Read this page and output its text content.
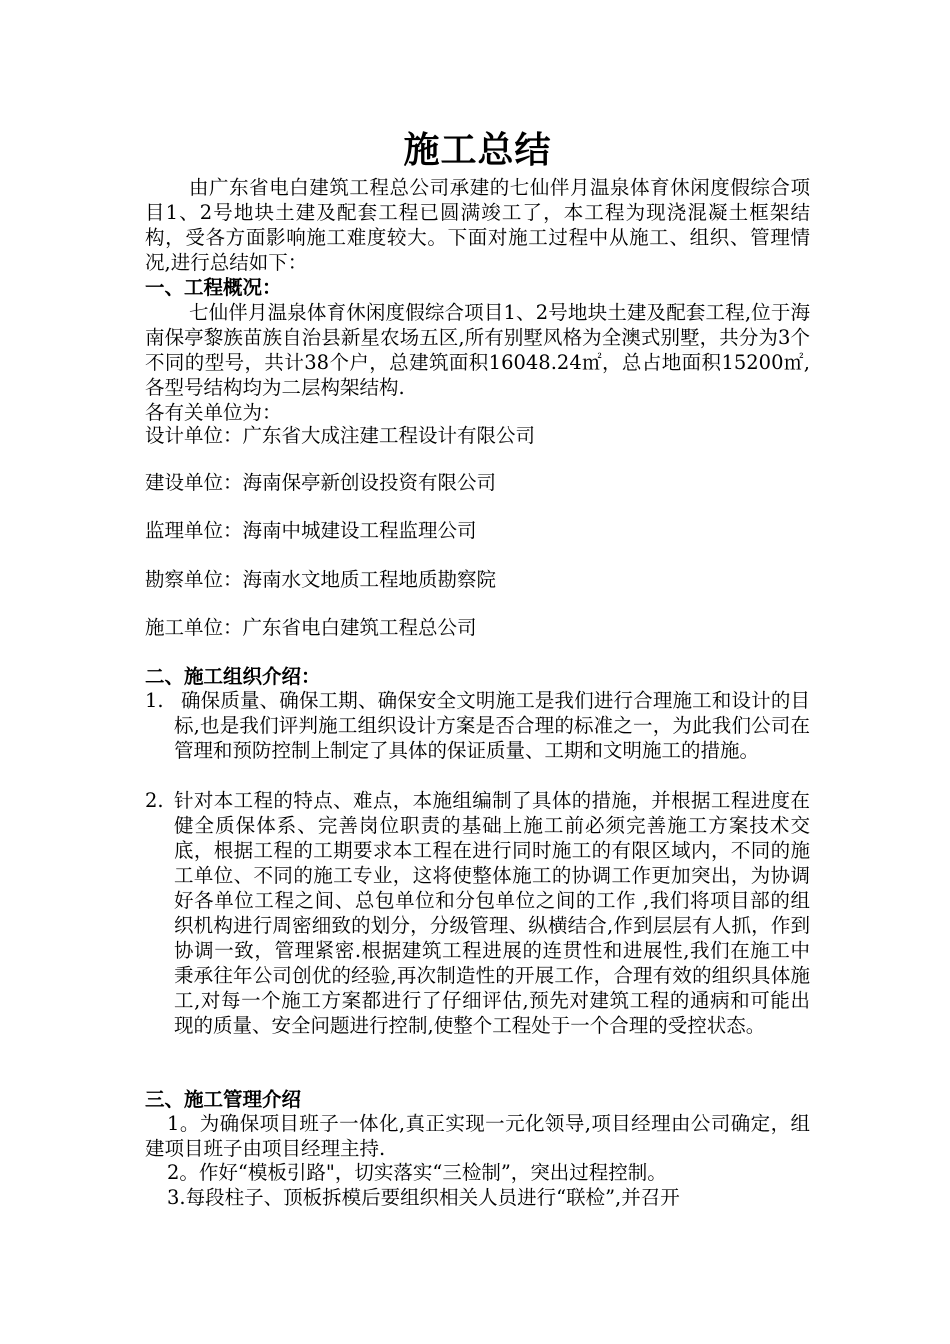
施工总结
由广东省电白建筑工程总公司承建的七仙伴月温泉体育休闲度假综合项目1、2号地块土建及配套工程已圆满竣工了，本工程为现浇混凝土框架结构，受各方面影响施工难度较大。下面对施工过程中从施工、组织、管理情况,进行总结如下：
一、工程概况：
七仙伴月温泉体育休闲度假综合项目1、2号地块土建及配套工程,位于海南保亭黎族苗族自治县新星农场五区,所有别墅风格为全澳式别墅，共分为3个不同的型号，共计38个户，总建筑面积16048.24㎡，总占地面积15200㎡,各型号结构均为二层构架结构.
各有关单位为：
设计单位：广东省大成注建工程设计有限公司
建设单位：海南保亭新创设投资有限公司
监理单位：海南中城建设工程监理公司
勘察单位：海南水文地质工程地质勘察院
施工单位：广东省电白建筑工程总公司
二、施工组织介绍：
1. 确保质量、确保工期、确保安全文明施工是我们进行合理施工和设计的目标,也是我们评判施工组织设计方案是否合理的标准之一，为此我们公司在管理和预防控制上制定了具体的保证质量、工期和文明施工的措施。
2. 针对本工程的特点、难点，本施组编制了具体的措施，并根据工程进度在健全质保体系、完善岗位职责的基础上施工前必须完善施工方案技术交底，根据工程的工期要求本工程在进行同时施工的有限区域内，不同的施工单位、不同的施工专业，这将使整体施工的协调工作更加突出，为协调好各单位工程之间、总包单位和分包单位之间的工作 ,我们将项目部的组织机构进行周密细致的划分，分级管理、纵横结合,作到层层有人抓，作到协调一致，管理紧密.根据建筑工程进展的连贯性和进展性,我们在施工中秉承往年公司创优的经验,再次制造性的开展工作，合理有效的组织具体施工,对每一个施工方案都进行了仔细评估,预先对建筑工程的通病和可能出现的质量、安全问题进行控制,使整个工程处于一个合理的受控状态。
三、施工管理介绍
1。为确保项目班子一体化,真正实现一元化领导,项目经理由公司确定，组建项目班子由项目经理主持.
2。作好“模板引路"，切实落实“三检制”，突出过程控制。
3.每段柱子、顶板拆模后要组织相关人员进行“联检”,并召开
